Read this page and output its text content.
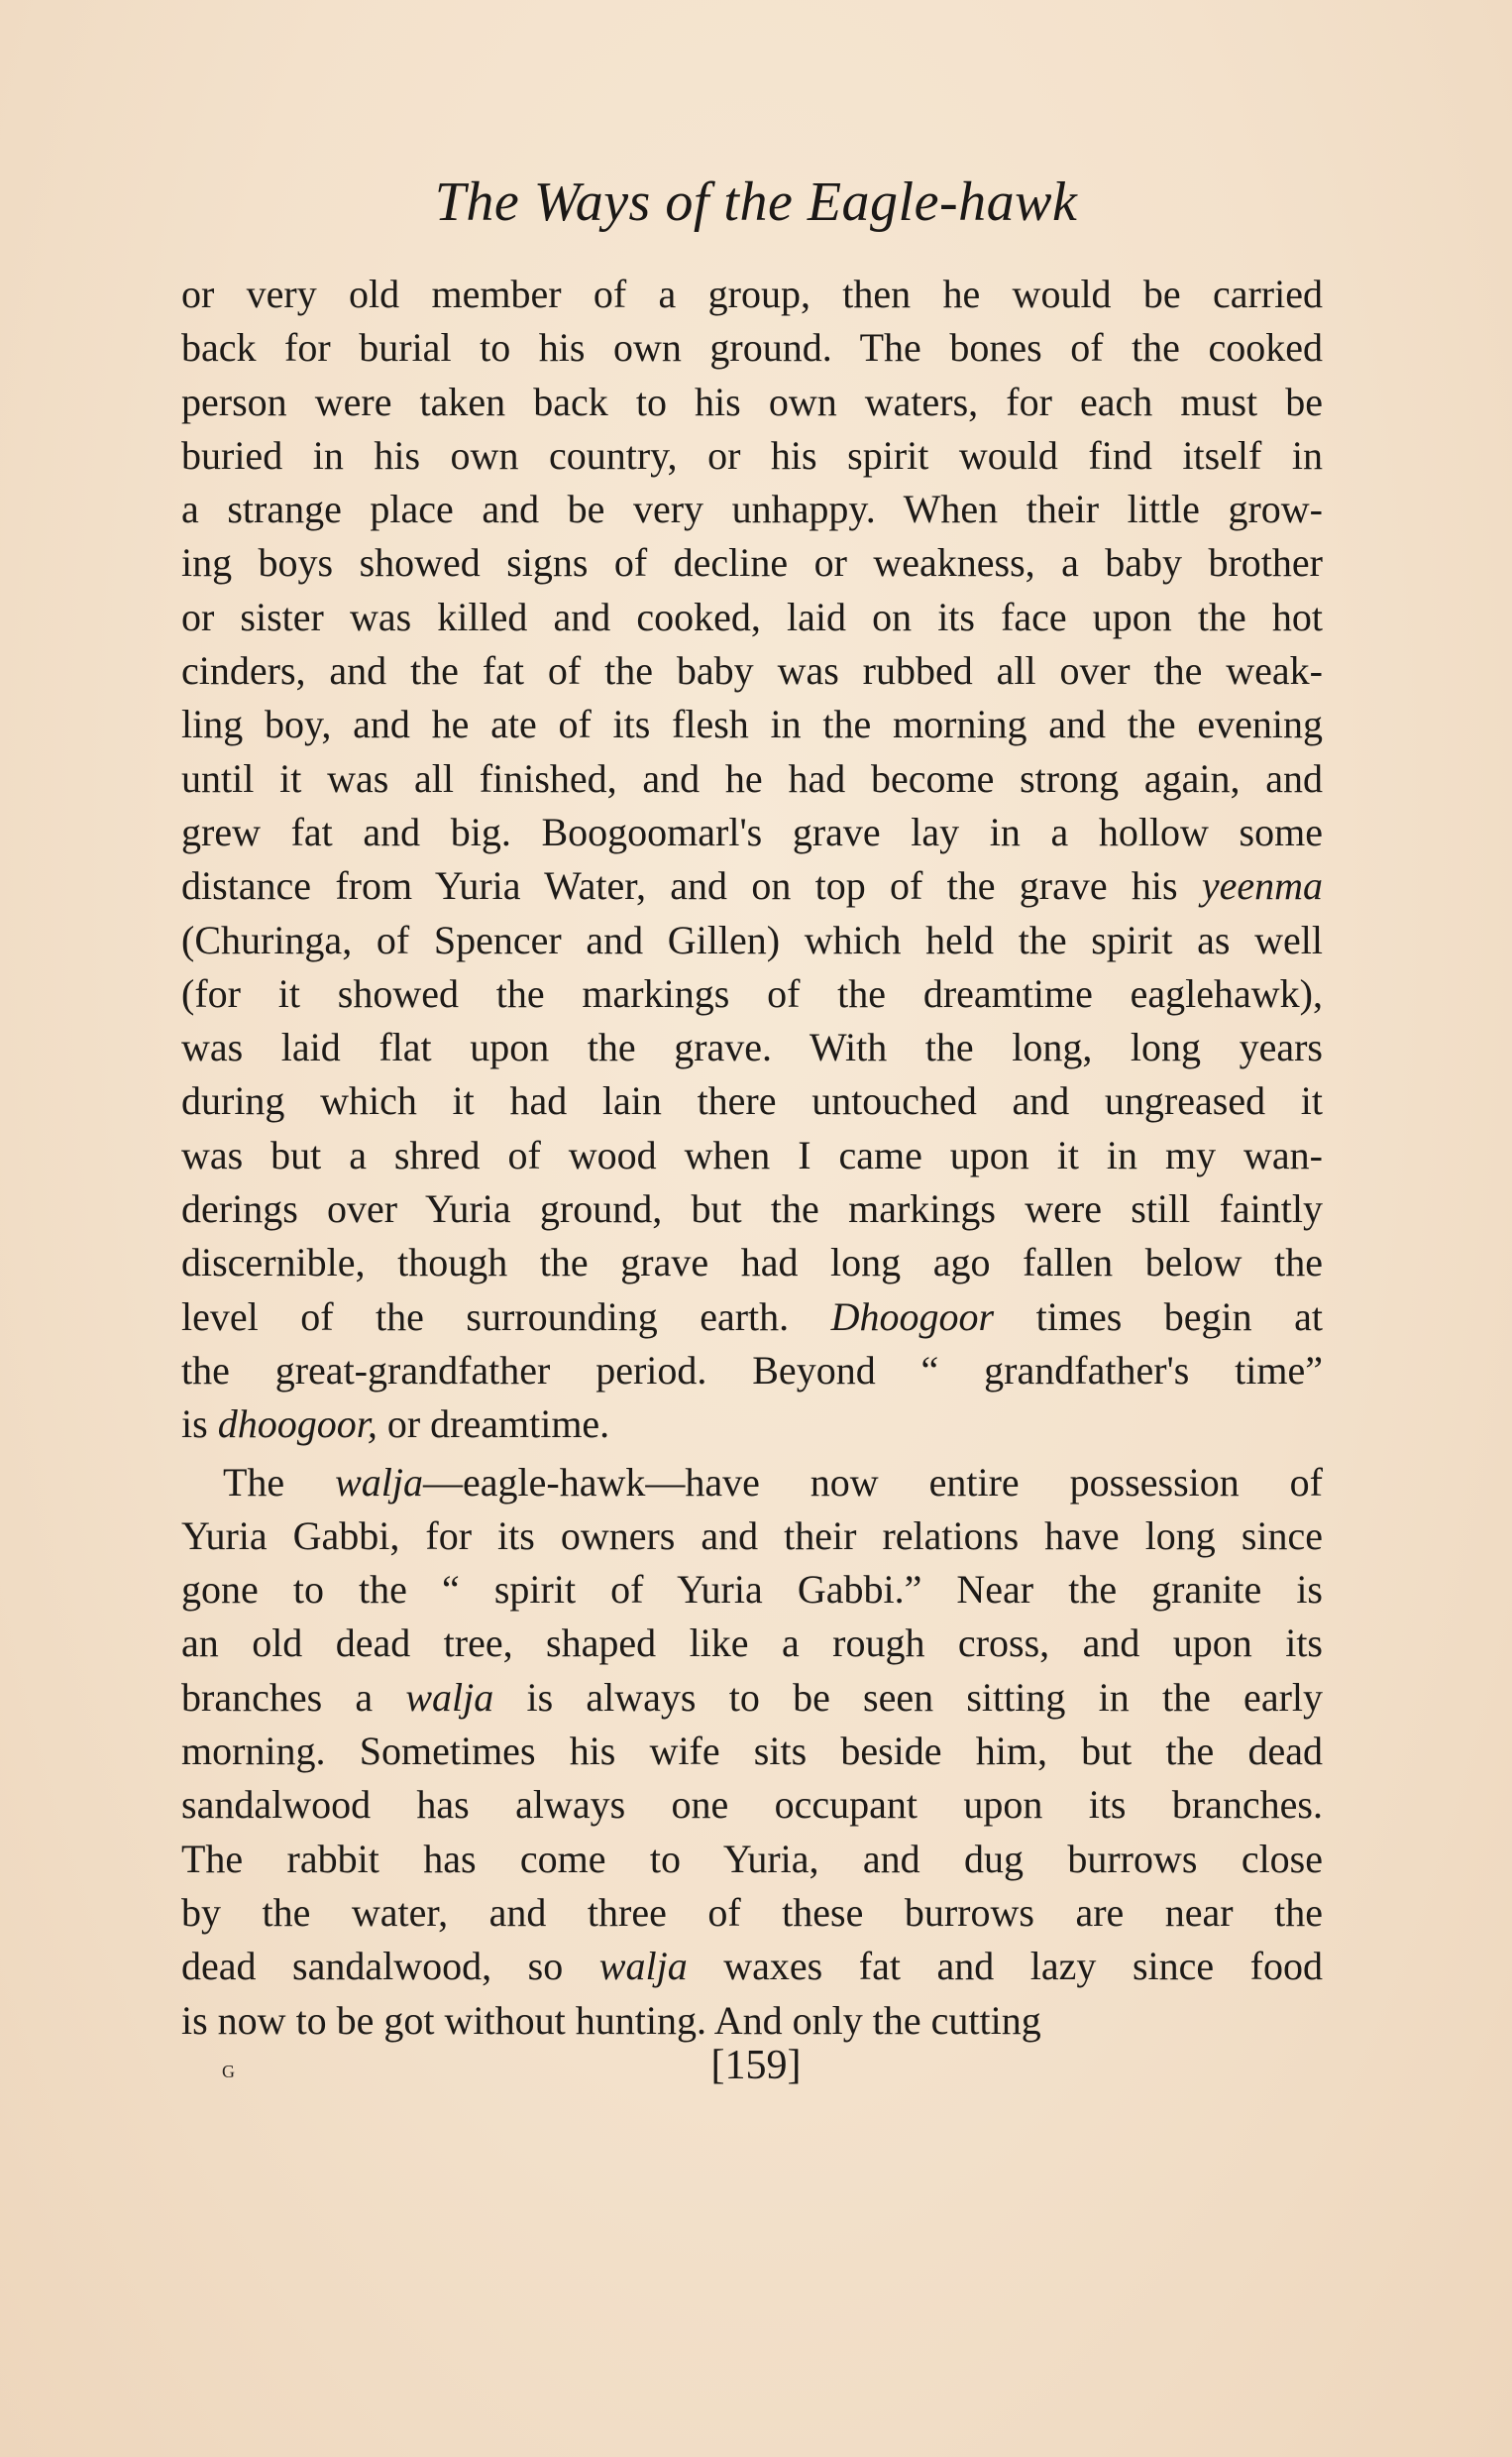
The Ways of the Eagle-hawk
or very old member of a group, then he would be carried
back for burial to his own ground. The bones of the cooked
person were taken back to his own waters, for each must be
buried in his own country, or his spirit would find itself in
a strange place and be very unhappy. When their little grow-
ing boys showed signs of decline or weakness, a baby brother
or sister was killed and cooked, laid on its face upon the hot
cinders, and the fat of the baby was rubbed all over the weak-
ling boy, and he ate of its flesh in the morning and the evening
until it was all finished, and he had become strong again, and
grew fat and big. Boogoomarl's grave lay in a hollow some
distance from Yuria Water, and on top of the grave his yeenma
(Churinga, of Spencer and Gillen) which held the spirit as well
(for it showed the markings of the dreamtime eaglehawk),
was laid flat upon the grave. With the long, long years
during which it had lain there untouched and ungreased it
was but a shred of wood when I came upon it in my wan-
derings over Yuria ground, but the markings were still faintly
discernible, though the grave had long ago fallen below the
level of the surrounding earth. Dhoogoor times begin at
the great-grandfather period. Beyond “ grandfather's time”
is dhoogoor, or dreamtime.
The walja—eagle-hawk—have now entire possession of
Yuria Gabbi, for its owners and their relations have long since
gone to the “ spirit of Yuria Gabbi.” Near the granite is
an old dead tree, shaped like a rough cross, and upon its
branches a walja is always to be seen sitting in the early
morning. Sometimes his wife sits beside him, but the dead
sandalwood has always one occupant upon its branches.
The rabbit has come to Yuria, and dug burrows close
by the water, and three of these burrows are near the
dead sandalwood, so walja waxes fat and lazy since food
is now to be got without hunting. And only the cutting
G	[159]
